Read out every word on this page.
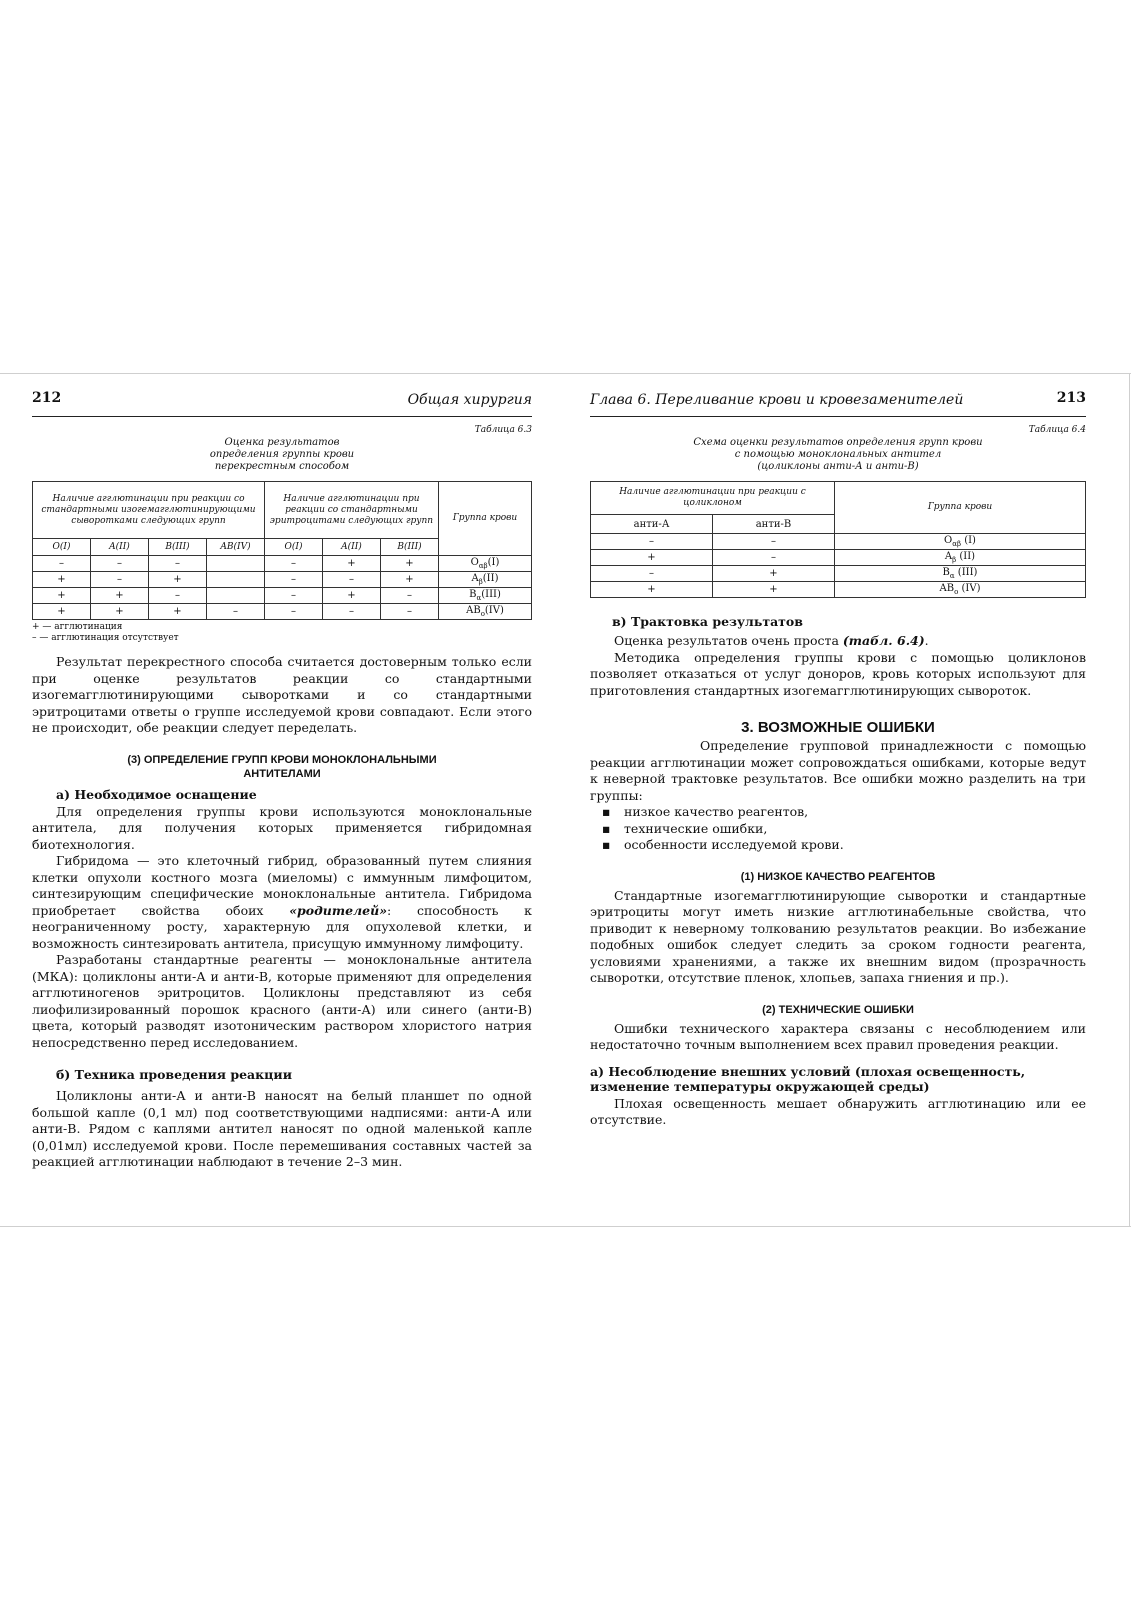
212	Общая хирургия
Таблица 6.3
Оценка результатов
определения группы крови
перекрестным способом
Наличие агглютинации при реакции со стандартными изогемагглютинирующими сыворотками следующих групп				Наличие агглютинации при реакции со стандартными эритроцитами следующих групп			Группа крови
O(I)	A(II)	B(III)	AB(IV)	O(I)	A(II)	B(III)	
–	–	–		–	+	+	$O_{\alpha\beta}(I)$
+	–	+		–	–	+	$A_\beta(II)$
+	+	–		–	+	–	$B_\alpha(III)$
+	+	+	–	–	–	–	$AB_o(IV)$
+ — агглютинация
– — агглютинация отсутствует

Результат перекрестного способа считается достоверным только если при оценке результатов реакции со стандартными изогемагглютинирующими сыворотками и со стандартными эритроцитами ответы о группе исследуемой крови совпадают. Если этого не происходит, обе реакции следует переделать.

(3) ОПРЕДЕЛЕНИЕ ГРУПП КРОВИ МОНОКЛОНАЛЬНЫМИ АНТИТЕЛАМИ
а) Необходимое оснащение

Для определения группы крови используются моноклональные антитела, для получения которых применяется гибридомная биотехнология.

Гибридома — это клеточный гибрид, образованный путем слияния клетки опухоли костного мозга (миеломы) с иммунным лимфоцитом, синтезирующим специфические моноклональные антитела. Гибридома приобретает свойства обоих «родителей»: способность к неограниченному росту, характерную для опухолевой клетки, и возможность синтезировать антитела, присущую иммунному лимфоциту.

Разработаны стандартные реагенты — моноклональные антитела (МКА): цоликлоны анти-А и анти-В, которые применяют для определения агглютиногенов эритроцитов. Цоликлоны представляют из себя лиофилизированный порошок красного (анти-А) или синего (анти-В) цвета, который разводят изотоническим раствором хлористого натрия непосредственно перед исследованием.

б) Техника проведения реакции

Цоликлоны анти-А и анти-В наносят на белый планшет по одной большой капле (0,1 мл) под соответствующими надписями: анти-А или анти-В. Рядом с каплями антител наносят по одной маленькой капле (0,01мл) исследуемой крови. После перемешивания составных частей за реакцией агглютинации наблюдают в течение 2–3 мин.

Глава 6. Переливание крови и кровезаменителей	213
Таблица 6.4
Схема оценки результатов определения групп крови
с помощью моноклональных антител
(цоликлоны анти-А и анти-В)
Наличие агглютинации при реакции с цоликлоном		Группа крови
анти-А	анти-В	
–	–	$O_{\alpha\beta}$ (I)
+	–	$A_\beta$ (II)
–	+	$B_\alpha$ (III)
+	+	$AB_o$ (IV)
в) Трактовка результатов

Оценка результатов очень проста (табл. 6.4).

Методика определения группы крови с помощью цоликлонов позволяет отказаться от услуг доноров, кровь которых используют для приготовления стандартных изогемагглютинирующих сывороток.

3. ВОЗМОЖНЫЕ ОШИБКИ

Определение групповой принадлежности с помощью реакции агглютинации может сопровождаться ошибками, которые ведут к неверной трактовке результатов. Все ошибки можно разделить на три группы:

▪ низкое качество реагентов,
▪ технические ошибки,
▪ особенности исследуемой крови.
(1) НИЗКОЕ КАЧЕСТВО РЕАГЕНТОВ

Стандартные изогемагглютинирующие сыворотки и стандартные эритроциты могут иметь низкие агглютинабельные свойства, что приводит к неверному толкованию результатов реакции. Во избежание подобных ошибок следует следить за сроком годности реагента, условиями хранениями, а также их внешним видом (прозрачность сыворотки, отсутствие пленок, хлопьев, запаха гниения и пр.).

(2) ТЕХНИЧЕСКИЕ ОШИБКИ

Ошибки технического характера связаны с несоблюдением или недостаточно точным выполнением всех правил проведения реакции.

а) Несоблюдение внешних условий (плохая освещенность, изменение температуры окружающей среды)

Плохая освещенность мешает обнаружить агглютинацию или ее отсутствие.
